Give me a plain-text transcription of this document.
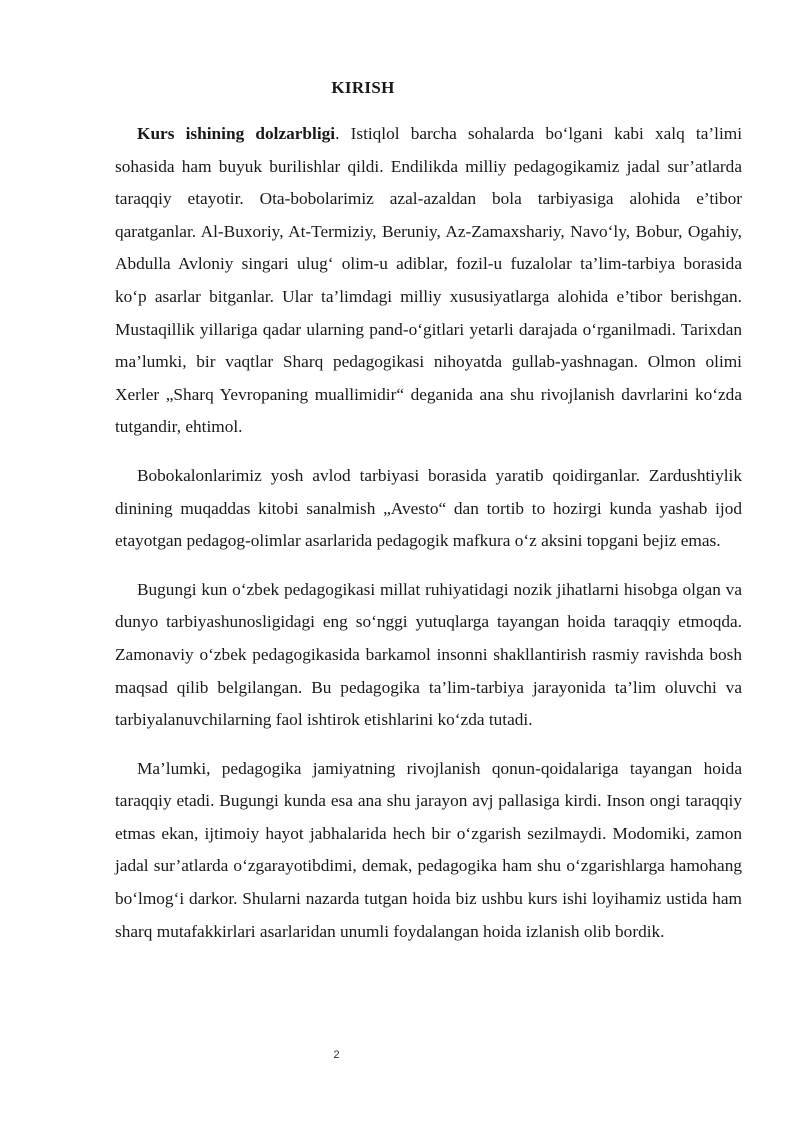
KIRISH

Kurs ishining dolzarbligi. Istiqlol barcha sohalarda bo‘lgani kabi xalq ta’limi sohasida ham buyuk burilishlar qildi. Endilikda milliy pedagogikamiz jadal sur’atlarda taraqqiy etayotir. Ota-bobolarimiz azal-azaldan bola tarbiyasiga alohida e’tibor qaratganlar. Al-Buxoriy, At-Termiziy, Beruniy, Az-Zamaxshariy, Navo‘ly, Bobur, Ogahiy, Abdulla Avloniy singari ulug‘ olim-u adiblar, fozil-u fuzalolar ta’lim-tarbiya borasida ko‘p asarlar bitganlar. Ular ta’limdagi milliy xususiyatlarga alohida e’tibor berishgan. Mustaqillik yillariga qadar ularning pand-o‘gitlari yetarli darajada o‘rganilmadi. Tarixdan ma’lumki, bir vaqtlar Sharq pedagogikasi nihoyatda gullab-yashnagan. Olmon olimi Xerler „Sharq Yevropaning muallimidir“ deganida ana shu rivojlanish davrlarini ko‘zda tutgandir, ehtimol.

Bobokalonlarimiz yosh avlod tarbiyasi borasida yaratib qoidirganlar. Zardushtiylik dinining muqaddas kitobi sanalmish „Avesto“ dan tortib to hozirgi kunda yashab ijod etayotgan pedagog-olimlar asarlarida pedagogik mafkura o‘z aksini topgani bejiz emas.

Bugungi kun o‘zbek pedagogikasi millat ruhiyatidagi nozik jihatlarni hisobga olgan va dunyo tarbiyashunosligidagi eng so‘nggi yutuqlarga tayangan hoida taraqqiy etmoqda. Zamonaviy o‘zbek pedagogikasida barkamol insonni shakllantirish rasmiy ravishda bosh maqsad qilib belgilangan. Bu pedagogika ta’lim-tarbiya jarayonida ta’lim oluvchi va tarbiyalanuvchilarning faol ishtirok etishlarini ko‘zda tutadi.

Ma’lumki, pedagogika jamiyatning rivojlanish qonun-qoidalariga tayangan hoida taraqqiy etadi. Bugungi kunda esa ana shu jarayon avj pallasiga kirdi. Inson ongi taraqqiy etmas ekan, ijtimoiy hayot jabhalarida hech bir o‘zgarish sezilmaydi. Modomiki, zamon jadal sur’atlarda o‘zgarayotibdimi, demak, pedagogika ham shu o‘zgarishlarga hamohang bo‘lmog‘i darkor. Shularni nazarda tutgan hoida biz ushbu kurs ishi loyihamiz ustida ham sharq mutafakkirlari asarlaridan unumli foydalangan hoida izlanish olib bordik.

2
